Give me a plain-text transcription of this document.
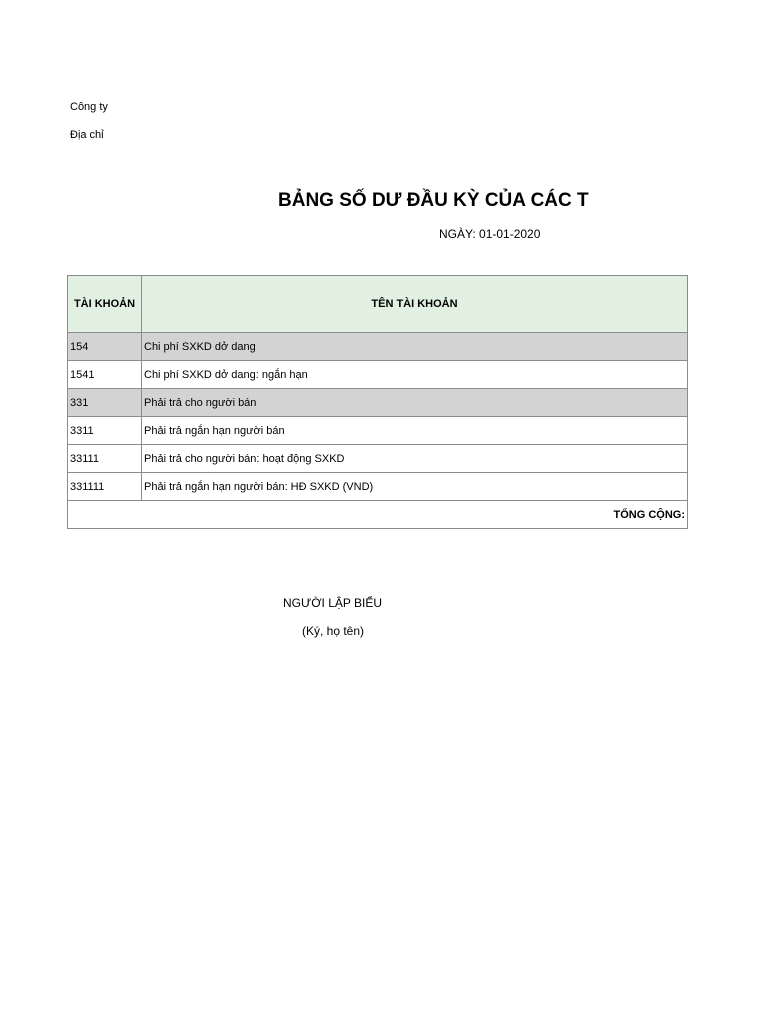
Công ty
Địa chỉ
BẢNG SỐ DƯ ĐẦU KỲ CỦA CÁC T
NGÀY: 01-01-2020
TÀI KHOẢN	TÊN TÀI KHOẢN
154	Chi phí SXKD dở dang
1541	Chi phí SXKD dở dang: ngắn hạn
331	Phải trả cho người bán
3311	Phải trả ngắn hạn người bán
33111	Phải trả cho người bán: hoạt động SXKD
331111	Phải trả ngắn hạn người bán: HĐ SXKD (VND)
TỔNG CỘNG:	
NGƯỜI LẬP BIỂU
(Ký, họ tên)
